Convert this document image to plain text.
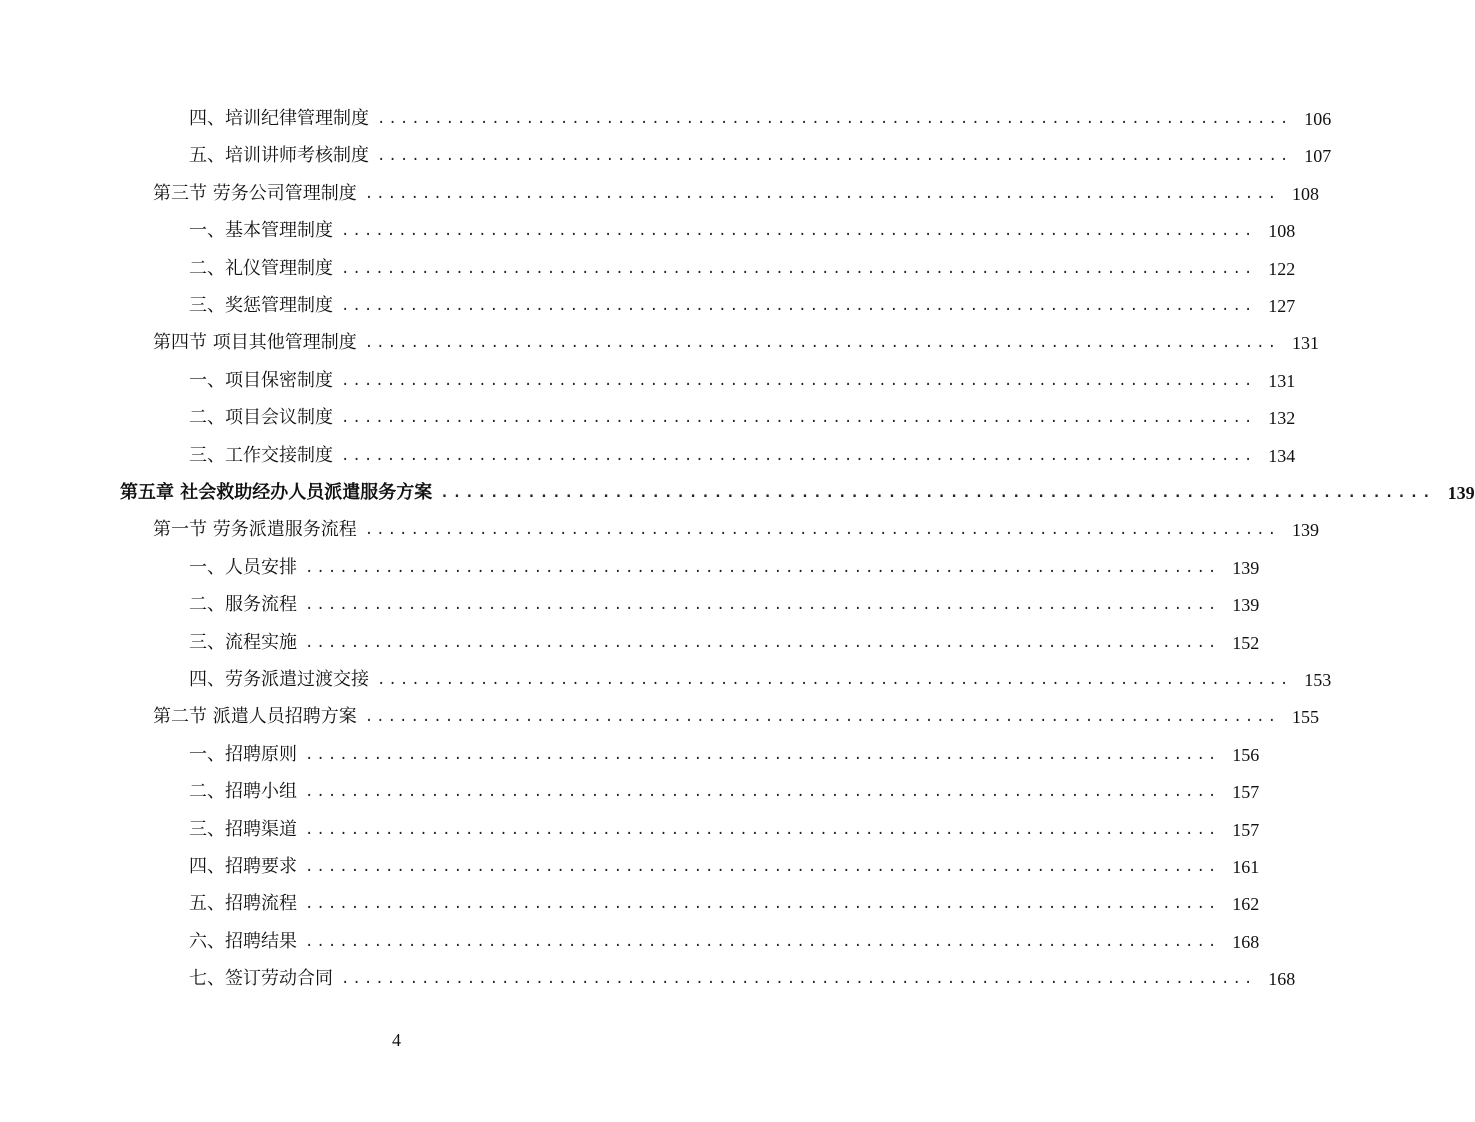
四、培训纪律管理制度 ................................................................................ 106
五、培训讲师考核制度 ................................................................................ 107
第三节 劳务公司管理制度 ................................................................................ 108
一、基本管理制度 ................................................................................ 108
二、礼仪管理制度 ................................................................................ 122
三、奖惩管理制度 ................................................................................ 127
第四节 项目其他管理制度 ................................................................................ 131
一、项目保密制度 ................................................................................ 131
二、项目会议制度 ................................................................................ 132
三、工作交接制度 ................................................................................ 134
第五章 社会救助经办人员派遣服务方案 ................................................................................ 139
第一节 劳务派遣服务流程 ................................................................................ 139
一、人员安排 ................................................................................ 139
二、服务流程 ................................................................................ 139
三、流程实施 ................................................................................ 152
四、劳务派遣过渡交接 ................................................................................ 153
第二节 派遣人员招聘方案 ................................................................................ 155
一、招聘原则 ................................................................................ 156
二、招聘小组 ................................................................................ 157
三、招聘渠道 ................................................................................ 157
四、招聘要求 ................................................................................ 161
五、招聘流程 ................................................................................ 162
六、招聘结果 ................................................................................ 168
七、签订劳动合同 ................................................................................ 168
4
